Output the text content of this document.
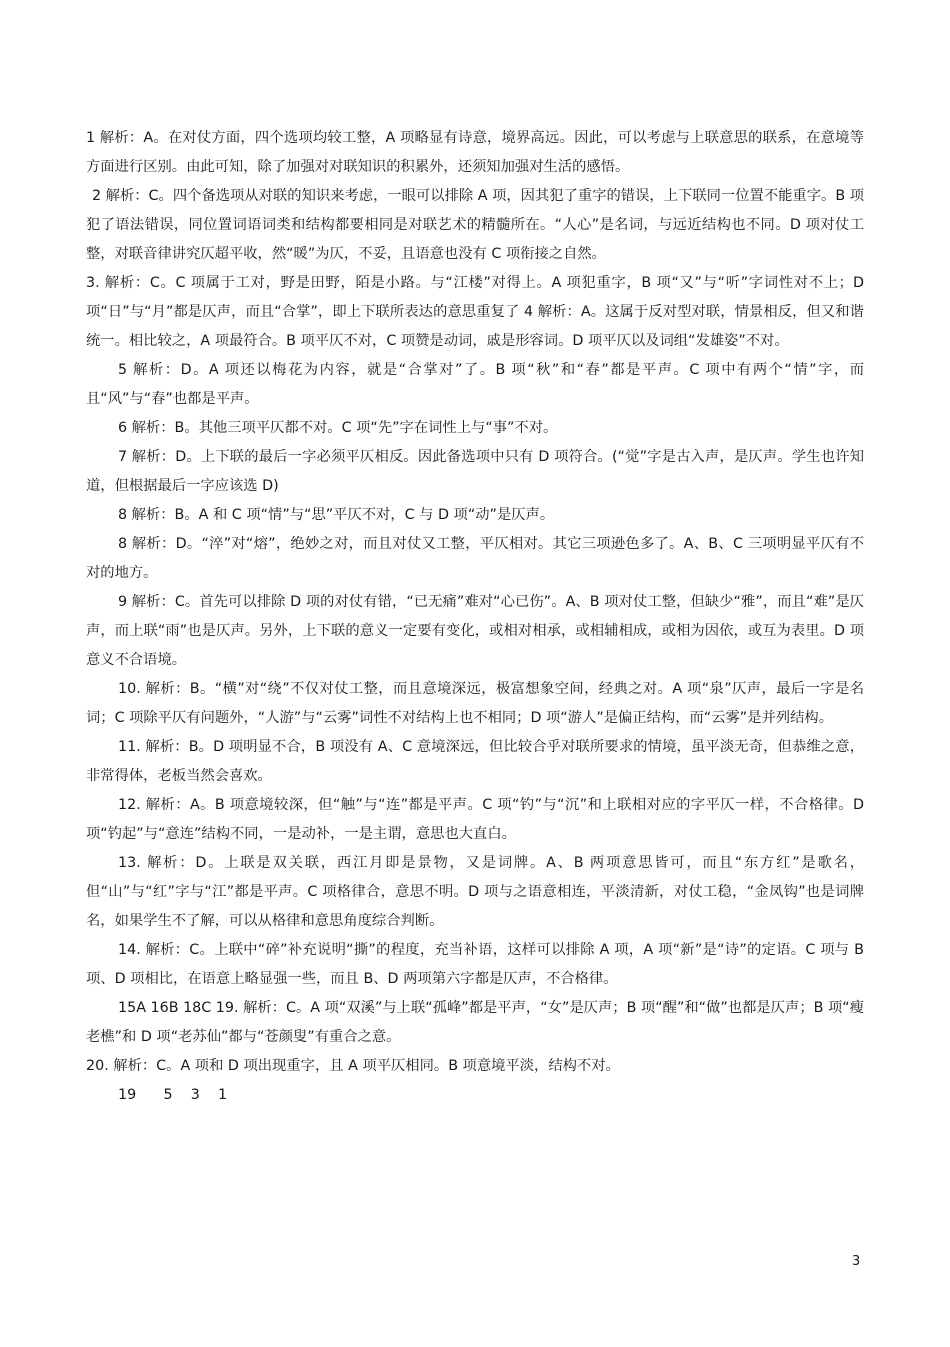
1 解析：A。在对仗方面，四个选项均较工整，A 项略显有诗意，境界高远。因此，可以考虑与上联意思的联系，在意境等方面进行区别。由此可知，除了加强对对联知识的积累外，还须知加强对生活的感悟。

2 解析：C。四个备选项从对联的知识来考虑，一眼可以排除 A 项，因其犯了重字的错误，上下联同一位置不能重字。B 项犯了语法错误，同位置词语词类和结构都要相同是对联艺术的精髓所在。“人心”是名词，与远近结构也不同。D 项对仗工整，对联音律讲究仄超平收，然“暖”为仄，不妥，且语意也没有 C 项衔接之自然。

3. 解析：C。C 项属于工对，野是田野，陌是小路。与“江楼”对得上。A 项犯重字，B 项“又”与“听”字词性对不上；D 项“日”与“月”都是仄声，而且“合掌”，即上下联所表达的意思重复了 4 解析：A。这属于反对型对联，情景相反，但又和谐统一。相比较之，A 项最符合。B 项平仄不对，C 项赞是动词，戚是形容词。D 项平仄以及词组“发雄姿”不对。

5 解析：D。A 项还以梅花为内容，就是“合掌对”了。B 项“秋”和“春”都是平声。C 项中有两个“情”字，而且“风”与“春”也都是平声。

6 解析：B。其他三项平仄都不对。C 项“先”字在词性上与“事”不对。

7 解析：D。上下联的最后一字必须平仄相反。因此备选项中只有 D 项符合。(“觉”字是古入声，是仄声。学生也许知道，但根据最后一字应该选 D)

8 解析：B。A 和 C 项“情”与“思”平仄不对，C 与 D 项“动”是仄声。

8 解析：D。“淬”对“熔”，绝妙之对，而且对仗又工整，平仄相对。其它三项逊色多了。A、B、C 三项明显平仄有不对的地方。

9 解析：C。首先可以排除 D 项的对仗有错，“已无痛”难对“心已伤”。A、B 项对仗工整，但缺少“雅”，而且“难”是仄声，而上联“雨”也是仄声。另外，上下联的意义一定要有变化，或相对相承，或相辅相成，或相为因依，或互为表里。D 项意义不合语境。

10. 解析：B。“横”对“绕”不仅对仗工整，而且意境深远，极富想象空间，经典之对。A 项“泉”仄声，最后一字是名词；C 项除平仄有问题外，“人游”与“云雾”词性不对结构上也不相同；D 项“游人”是偏正结构，而“云雾”是并列结构。

11. 解析：B。D 项明显不合，B 项没有 A、C 意境深远，但比较合乎对联所要求的情境，虽平淡无奇，但恭维之意，非常得体，老板当然会喜欢。

12. 解析：A。B 项意境较深，但“触”与“连”都是平声。C 项“钓”与“沉”和上联相对应的字平仄一样，不合格律。D 项“钓起”与“意连”结构不同，一是动补，一是主谓，意思也大直白。

13. 解析：D。上联是双关联，西江月即是景物，又是词牌。A、B 两项意思皆可，而且“东方红”是歌名，但“山”与“红”字与“江”都是平声。C 项格律合，意思不明。D 项与之语意相连，平淡清新，对仗工稳，“金凤钩”也是词牌名，如果学生不了解，可以从格律和意思角度综合判断。

14. 解析：C。上联中“碎”补充说明“撕”的程度，充当补语，这样可以排除 A 项，A 项“新”是“诗”的定语。C 项与 B 项、D 项相比，在语意上略显强一些，而且 B、D 两项第六字都是仄声，不合格律。

15A 16B 18C 19. 解析：C。A 项“双溪”与上联“孤峰”都是平声，“女”是仄声；B 项“醒”和“做”也都是仄声；B 项“瘦老樵”和 D 项“老苏仙”都与“苍颜叟”有重合之意。

20. 解析：C。A 项和 D 项出现重字，且 A 项平仄相同。B 项意境平淡，结构不对。

19      5    3    1
3
